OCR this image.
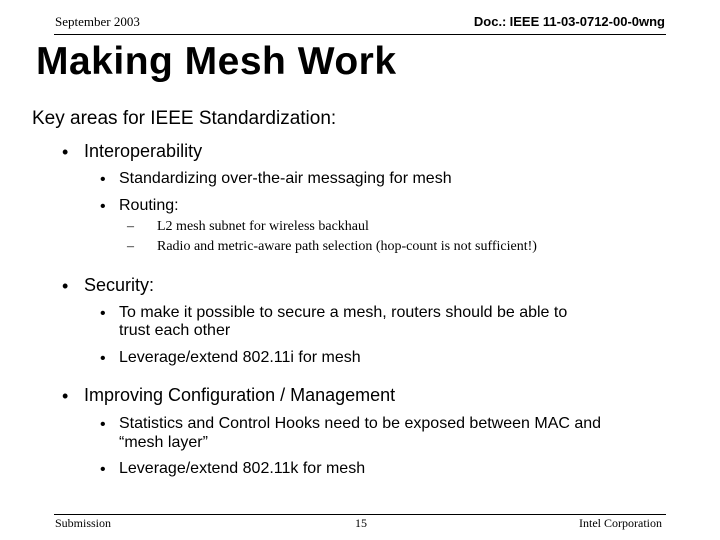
September 2003	Doc.: IEEE 11-03-0712-00-0wng
Making Mesh Work
Key areas for IEEE Standardization:
• Interoperability
• Standardizing over-the-air messaging for mesh
• Routing:
– L2 mesh subnet for wireless backhaul
– Radio and metric-aware path selection (hop-count is not sufficient!)
• Security:
• To make it possible to secure a mesh, routers should be able to
trust each other
• Leverage/extend 802.11i for mesh
• Improving Configuration / Management
• Statistics and Control Hooks need to be exposed between MAC and
“mesh layer”
• Leverage/extend 802.11k for mesh
Submission	15	Intel Corporation
